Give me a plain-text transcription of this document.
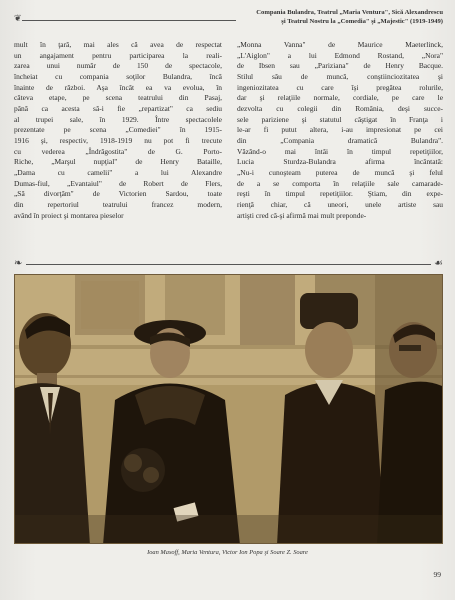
❦
Compania Bulandra, Teatrul „Maria Ventura", Sică Alexandrescu
şi Teatrul Nostru la „Comedia" şi „Majestic" (1919-1949)

mult în ţară, mai ales că avea de respectat
un angajament pentru participarea la reali-
zarea unui număr de 150 de spectacole,
încheiat cu compania soţilor Bulandra, încă
înainte de război. Aşa încât ea va evolua, în
câteva etape, pe scena teatrului din Pasaj,
până ca acesta să-i fie „repartizat" ca sediu
al trupei sale, în 1929. Între spectacolele
prezentate pe scena „Comediei" în 1915-
1916 şi, respectiv, 1918-1919 nu pot fi trecute
cu vederea „Îndrăgostita" de G. Porto-
Riche, „Marşul nupţial" de Henry Bataille,
„Dama cu camelii" a lui Alexandre
Dumas-fiul, „Evantaiul" de Robert de Flers,
„Să divorţăm" de Victorien Sardou, toate
din repertoriul teatrului francez modern,
având în proiect şi montarea pieselor

„Monna Vanna" de Maurice Maeterlinck,
„L'Aiglon" a lui Edmond Rostand, „Nora"
de Ibsen sau „Pariziana" de Henry Bacque.
Stilul său de muncă, conştiinciozitatea şi
ingeniozitatea cu care îşi pregătea rolurile,
dar şi relaţiile normale, cordiale, pe care le
dezvolta cu colegii din România, deşi succe-
sele pariziene şi statutul câştigat în Franţa i
le-ar fi putut altera, i-au impresionat pe cei
din „Compania dramatică Bulandra".
Văzând-o mai întâi în timpul repetiţiilor,
Lucia Sturdza-Bulandra afirma încântată:
„Nu-i cunoşteam puterea de muncă şi felul
de a se comporta în relaţiile sale camarade-
reşti în timpul repetiţiilor. Ştiam, din expe-
rienţă chiar, că uneori, unele artiste sau
artişti cred că-şi afirmă mai mult preponde-

❧	☙
Ioan Masoff, Maria Ventura, Victor Ion Popa şi Soare Z. Soare
99
